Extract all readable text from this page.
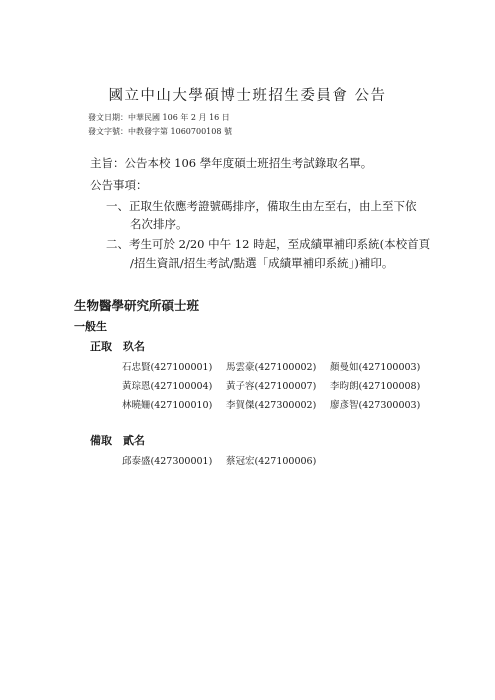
國立中山大學碩博士班招生委員會 公告
發文日期：中華民國 106 年 2 月 16 日
發文字號：中教發字第 1060700108 號
主旨：公告本校 106 學年度碩士班招生考試錄取名單。
公告事項：
一、正取生依應考證號碼排序，備取生由左至右，由上至下依
名次排序。
二、考生可於 2/20 中午 12 時起，至成績單補印系統(本校首頁
/招生資訊/招生考試/點選「成績單補印系統」)補印。
生物醫學研究所碩士班
一般生
正取　玖名
石忠賢(427100001) 馬雲豪(427100002) 顏曼如(427100003)
黃琮恩(427100004) 黃子容(427100007) 李昀朗(427100008)
林曉姍(427100010) 李賀傑(427300002) 廖彥智(427300003)
備取　貳名
邱泰盛(427300001) 蔡冠宏(427100006)
